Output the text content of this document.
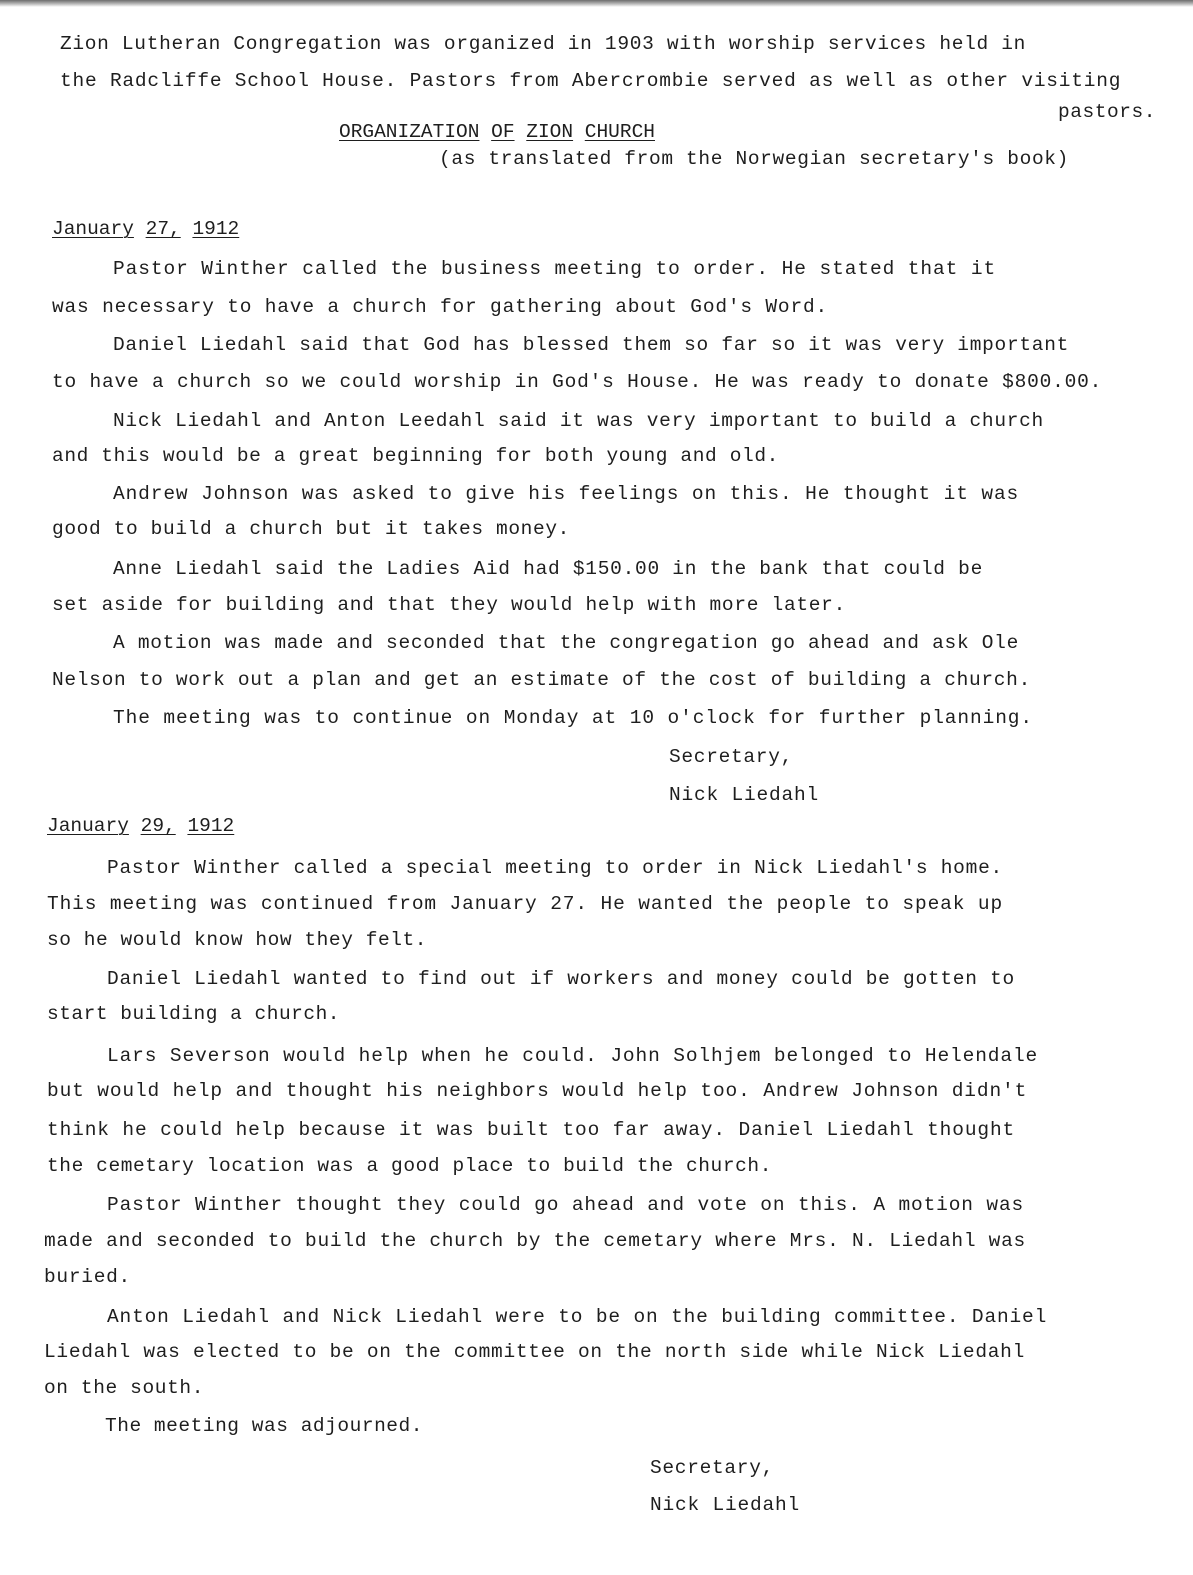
Zion Lutheran Congregation was organized in 1903 with worship services held in
the Radcliffe School House. Pastors from Abercrombie served as well as other visiting
pastors.
ORGANIZATION OF ZION CHURCH
(as translated from the Norwegian secretary's book)
January 27, 1912
Pastor Winther called the business meeting to order. He stated that it
was necessary to have a church for gathering about God's Word.
Daniel Liedahl said that God has blessed them so far so it was very important
to have a church so we could worship in God's House. He was ready to donate $800.00.
Nick Liedahl and Anton Leedahl said it was very important to build a church
and this would be a great beginning for both young and old.
Andrew Johnson was asked to give his feelings on this. He thought it was
good to build a church but it takes money.
Anne Liedahl said the Ladies Aid had $150.00 in the bank that could be
set aside for building and that they would help with more later.
A motion was made and seconded that the congregation go ahead and ask Ole
Nelson to work out a plan and get an estimate of the cost of building a church.
The meeting was to continue on Monday at 10 o'clock for further planning.
Secretary,
Nick Liedahl
January 29, 1912
Pastor Winther called a special meeting to order in Nick Liedahl's home.
This meeting was continued from January 27. He wanted the people to speak up
so he would know how they felt.
Daniel Liedahl wanted to find out if workers and money could be gotten to
start building a church.
Lars Severson would help when he could. John Solhjem belonged to Helendale
but would help and thought his neighbors would help too. Andrew Johnson didn't
think he could help because it was built too far away. Daniel Liedahl thought
the cemetary location was a good place to build the church.
Pastor Winther thought they could go ahead and vote on this. A motion was
made and seconded to build the church by the cemetary where Mrs. N. Liedahl was
buried.
Anton Liedahl and Nick Liedahl were to be on the building committee. Daniel
Liedahl was elected to be on the committee on the north side while Nick Liedahl
on the south.
The meeting was adjourned.
Secretary,
Nick Liedahl
